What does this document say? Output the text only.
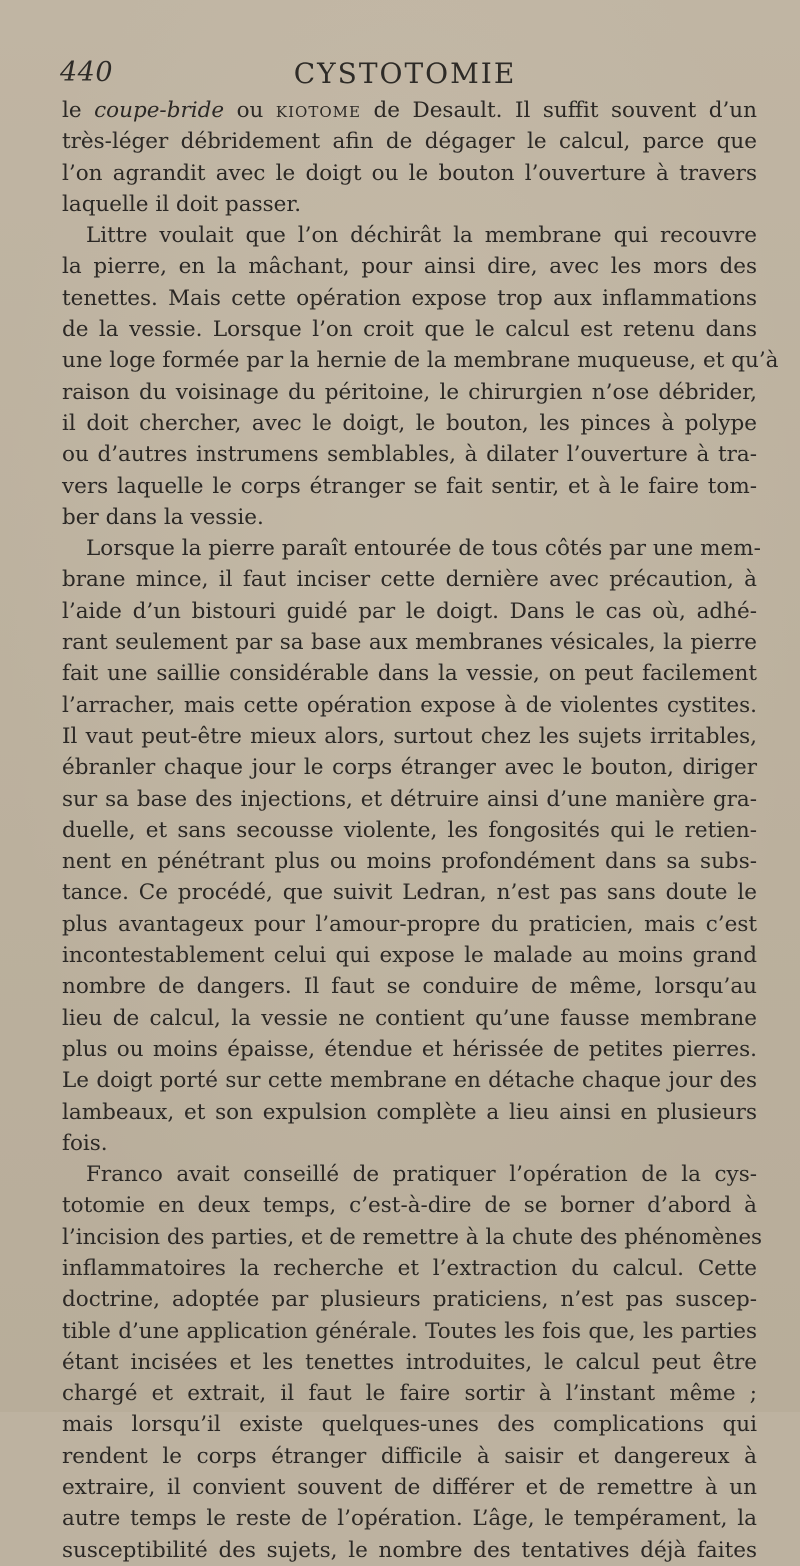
440	CYSTOTOMIE
le coupe-bride ou kiotome de Desault. Il suffit souvent d’un
très-léger débridement afin de dégager le calcul, parce que
l’on agrandit avec le doigt ou le bouton l’ouverture à travers
laquelle il doit passer.
Littre voulait que l’on déchirât la membrane qui recouvre
la pierre, en la mâchant, pour ainsi dire, avec les mors des
tenettes. Mais cette opération expose trop aux inflammations
de la vessie. Lorsque l’on croit que le calcul est retenu dans
une loge formée par la hernie de la membrane muqueuse, et qu’à
raison du voisinage du péritoine, le chirurgien n’ose débrider,
il doit chercher, avec le doigt, le bouton, les pinces à polype
ou d’autres instrumens semblables, à dilater l’ouverture à tra-
vers laquelle le corps étranger se fait sentir, et à le faire tom-
ber dans la vessie.
Lorsque la pierre paraît entourée de tous côtés par une mem-
brane mince, il faut inciser cette dernière avec précaution, à
l’aide d’un bistouri guidé par le doigt. Dans le cas où, adhé-
rant seulement par sa base aux membranes vésicales, la pierre
fait une saillie considérable dans la vessie, on peut facilement
l’arracher, mais cette opération expose à de violentes cystites.
Il vaut peut-être mieux alors, surtout chez les sujets irritables,
ébranler chaque jour le corps étranger avec le bouton, diriger
sur sa base des injections, et détruire ainsi d’une manière gra-
duelle, et sans secousse violente, les fongosités qui le retien-
nent en pénétrant plus ou moins profondément dans sa subs-
tance. Ce procédé, que suivit Ledran, n’est pas sans doute le
plus avantageux pour l’amour-propre du praticien, mais c’est
incontestablement celui qui expose le malade au moins grand
nombre de dangers. Il faut se conduire de même, lorsqu’au
lieu de calcul, la vessie ne contient qu’une fausse membrane
plus ou moins épaisse, étendue et hérissée de petites pierres.
Le doigt porté sur cette membrane en détache chaque jour des
lambeaux, et son expulsion complète a lieu ainsi en plusieurs
fois.
Franco avait conseillé de pratiquer l’opération de la cys-
totomie en deux temps, c’est-à-dire de se borner d’abord à
l’incision des parties, et de remettre à la chute des phénomènes
inflammatoires la recherche et l’extraction du calcul. Cette
doctrine, adoptée par plusieurs praticiens, n’est pas suscep-
tible d’une application générale. Toutes les fois que, les parties
étant incisées et les tenettes introduites, le calcul peut être
chargé et extrait, il faut le faire sortir à l’instant même ;
mais lorsqu’il existe quelques-unes des complications qui
rendent le corps étranger difficile à saisir et dangereux à
extraire, il convient souvent de différer et de remettre à un
autre temps le reste de l’opération. L’âge, le tempérament, la
susceptibilité des sujets, le nombre des tentatives déjà faites
